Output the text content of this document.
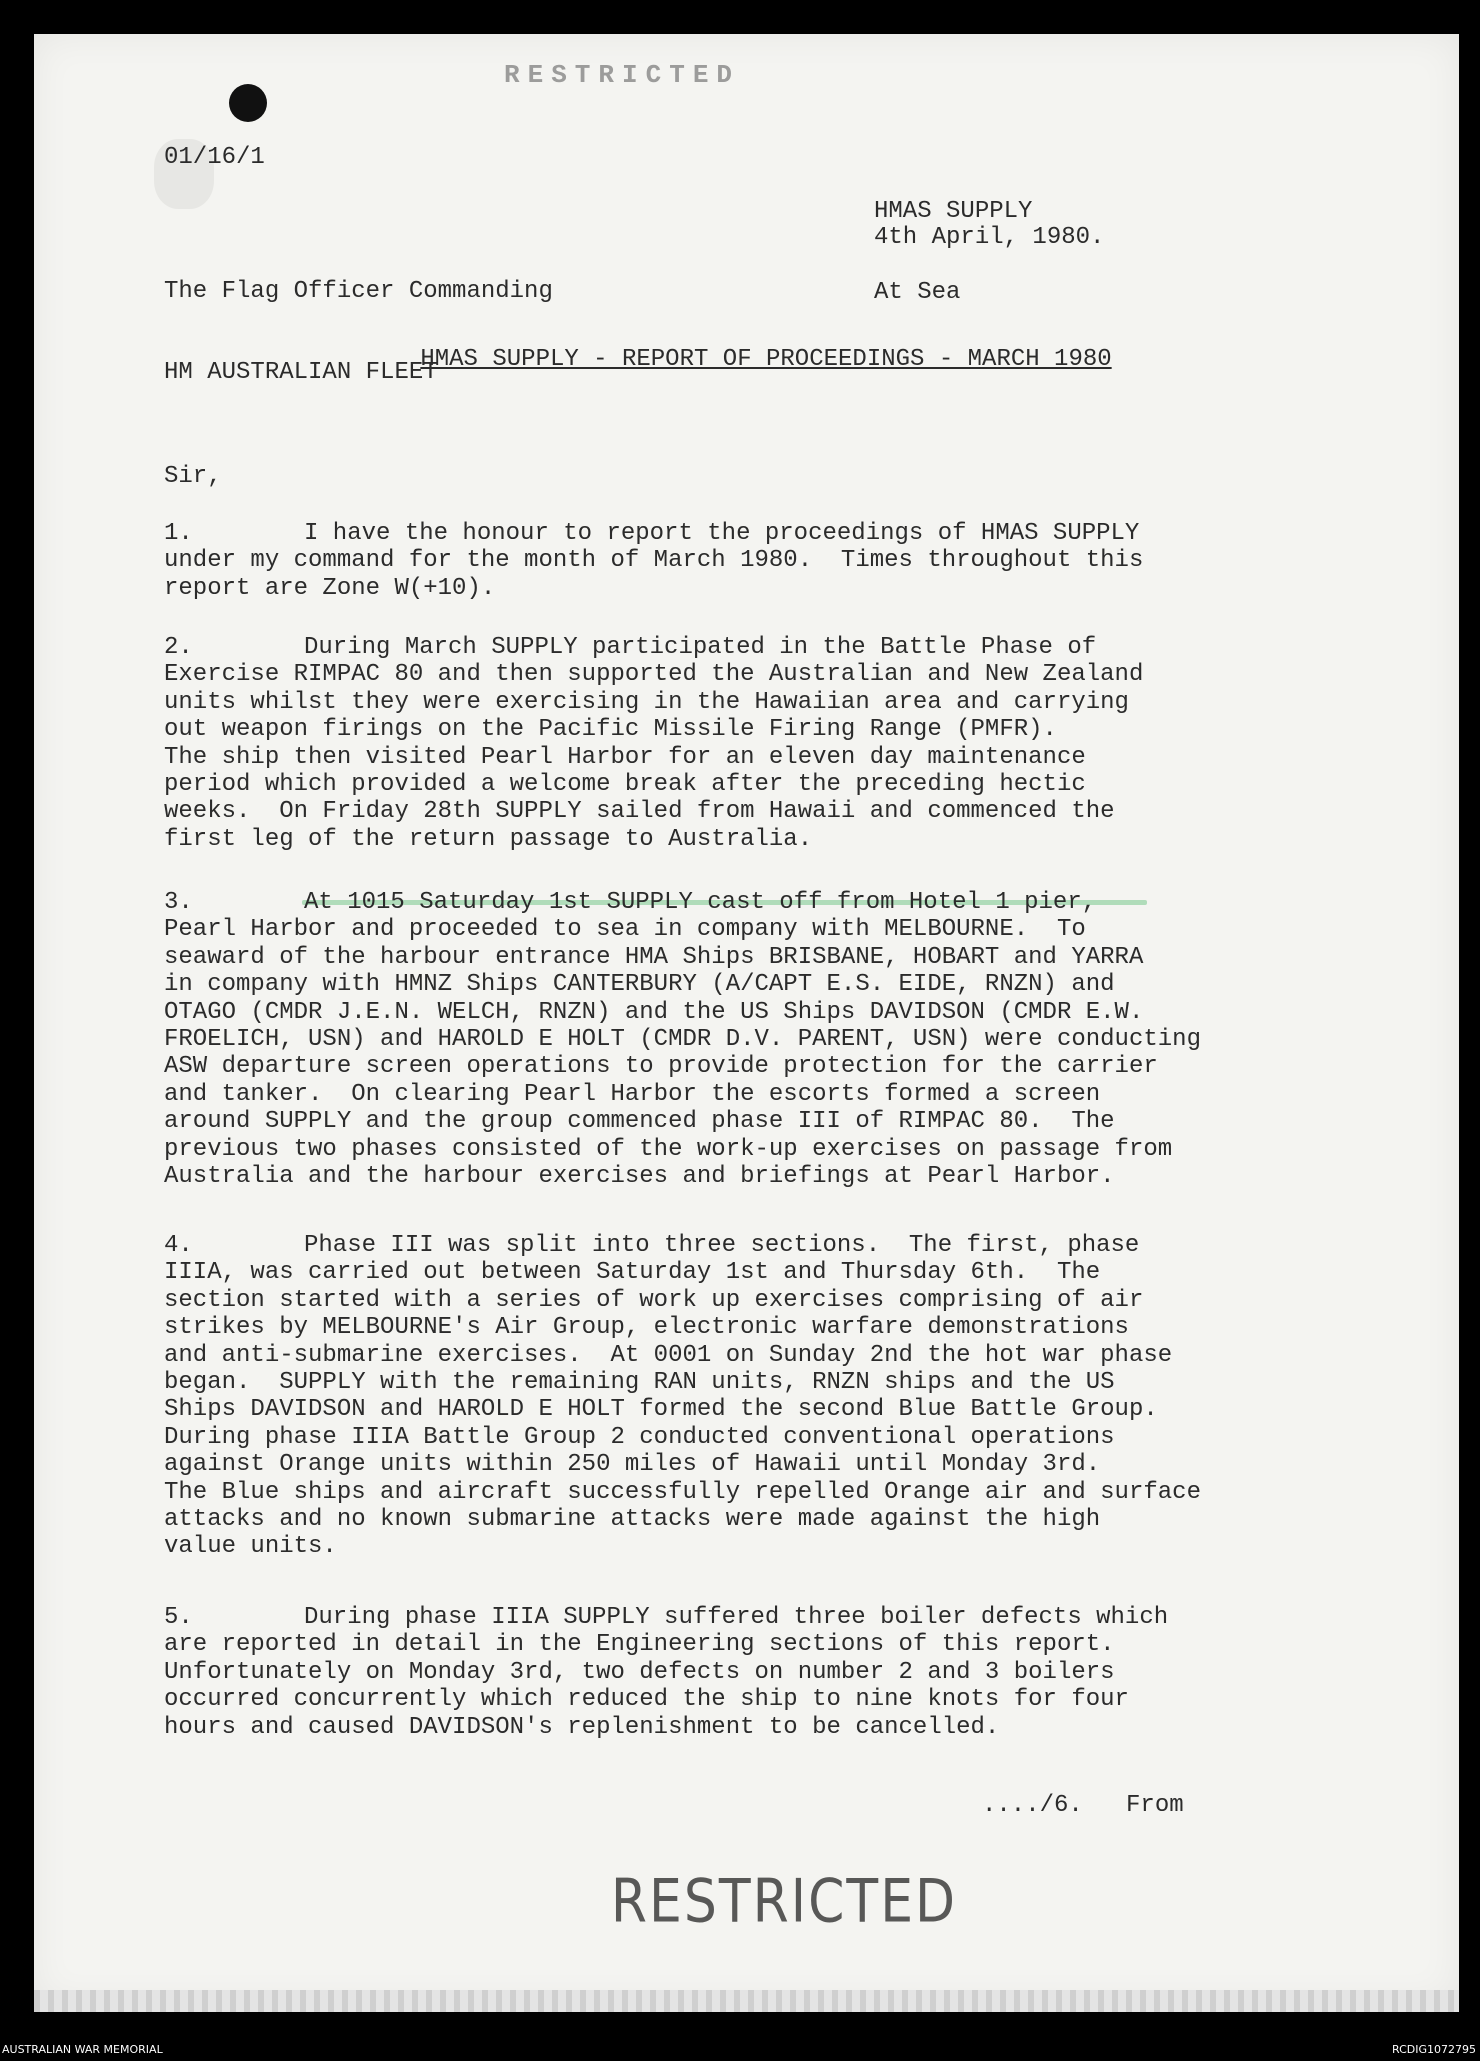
RESTRICTED
01/16/1

HMAS SUPPLY

At Sea

The Flag Officer Commanding

HM AUSTRALIAN FLEET

4th April, 1980.
HMAS SUPPLY - REPORT OF PROCEEDINGS - MARCH 1980
Sir,
1.	I have the honour to report the proceedings of HMAS SUPPLY
under my command for the month of March 1980.  Times throughout this
report are Zone W(+10).
2.	During March SUPPLY participated in the Battle Phase of
Exercise RIMPAC 80 and then supported the Australian and New Zealand
units whilst they were exercising in the Hawaiian area and carrying
out weapon firings on the Pacific Missile Firing Range (PMFR).
The ship then visited Pearl Harbor for an eleven day maintenance
period which provided a welcome break after the preceding hectic
weeks.  On Friday 28th SUPPLY sailed from Hawaii and commenced the
first leg of the return passage to Australia.
3.	At 1015 Saturday 1st SUPPLY cast off from Hotel 1 pier,
Pearl Harbor and proceeded to sea in company with MELBOURNE.  To
seaward of the harbour entrance HMA Ships BRISBANE, HOBART and YARRA
in company with HMNZ Ships CANTERBURY (A/CAPT E.S. EIDE, RNZN) and
OTAGO (CMDR J.E.N. WELCH, RNZN) and the US Ships DAVIDSON (CMDR E.W.
FROELICH, USN) and HAROLD E HOLT (CMDR D.V. PARENT, USN) were conducting
ASW departure screen operations to provide protection for the carrier
and tanker.  On clearing Pearl Harbor the escorts formed a screen
around SUPPLY and the group commenced phase III of RIMPAC 80.  The
previous two phases consisted of the work-up exercises on passage from
Australia and the harbour exercises and briefings at Pearl Harbor.
4.	Phase III was split into three sections.  The first, phase
IIIA, was carried out between Saturday 1st and Thursday 6th.  The
section started with a series of work up exercises comprising of air
strikes by MELBOURNE's Air Group, electronic warfare demonstrations
and anti-submarine exercises.  At 0001 on Sunday 2nd the hot war phase
began.  SUPPLY with the remaining RAN units, RNZN ships and the US
Ships DAVIDSON and HAROLD E HOLT formed the second Blue Battle Group.
During phase IIIA Battle Group 2 conducted conventional operations
against Orange units within 250 miles of Hawaii until Monday 3rd.
The Blue ships and aircraft successfully repelled Orange air and surface
attacks and no known submarine attacks were made against the high
value units.
5.	During phase IIIA SUPPLY suffered three boiler defects which
are reported in detail in the Engineering sections of this report.
Unfortunately on Monday 3rd, two defects on number 2 and 3 boilers
occurred concurrently which reduced the ship to nine knots for four
hours and caused DAVIDSON's replenishment to be cancelled.
..../6.   From
RESTRICTED
AUSTRALIAN WAR MEMORIAL	RCDIG1072795
